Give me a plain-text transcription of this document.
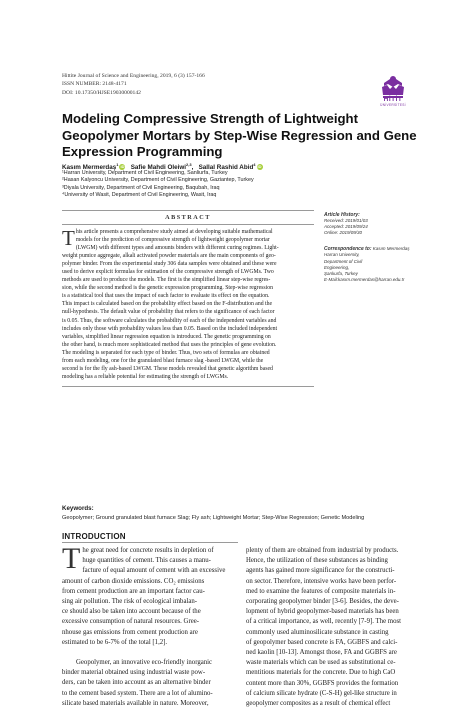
Hittite Journal of Science and Engineering, 2019, 6 (3) 157-166
ISSN NUMBER: 2148-4171
DOI: 10.17350/HJSE19030000142
HİTİT
ÜNİVERSİTESİ
Modeling Compressive Strength of Lightweight Geopolymer Mortars by Step-Wise Regression and Gene Expression Programming
Kasım Mermerdaş$^1$ iD Safie Mahdi Oleiwi$^{2,3}$,   Sallal Rashid Abid$^4$ iD
¹Harran University, Department of Civil Engineering, Sanliurfa, Turkey
²Hasan Kalyoncu University, Department of Civil Engineering, Gaziantep, Turkey
³Diyala University, Department of Civil Engineering, Baqubah, Iraq
⁴University of Wasit, Department of Civil Engineering, Wasit, Iraq
ABSTRACT
T his article presents a comprehensive study aimed at developing suitable mathematical
models for the prediction of compressive strength of lightweight geopolymer mortar
(LWGM) with different types and amounts binders with different curing regimes. Light-
weight pumice aggregate, alkali activated powder materials are the main components of geo-
polymer binder. From the experimental study 306 data samples were obtained and these were
used to derive explicit formulas for estimation of the compressive strength of LWGMs. Two
methods are used to produce the models. The first is the simplified linear step-wise regres-
sion, while the second method is the genetic expression programming. Step-wise regression
is a statistical tool that uses the impact of each factor to evaluate its effect on the equation.
This impact is calculated based on the probability effect based on the F-distribution and the
null-hypothesis. The default value of probability that refers to the significance of each factor
is 0.05. Thus, the software calculates the probability of each of the independent variables and
includes only those with probability values less than 0.05. Based on the included independent
variables, simplified linear regression equation is introduced. The genetic programming on
the other hand, is much more sophisticated method that uses the principles of gene evolution.
The modeling is separated for each type of binder. Thus, two sets of formulas are obtained
from each modeling, one for the granulated blast furnace slag -based LWGM, while the
second is for the fly ash-based LWGM. These models revealed that genetic algorithm based
modeling has a reliable potential for estimating the strength of LWGMs.
Article History:
Received: 2019/01/03
Accepted: 2019/09/24
Online: 2019/09/30
Correspondence to: Kasım Mermerdaş
Harran University,
Department of Civil
Engineering,
Şanlıurfa, Turkey
E-Mail:kasım.mermerdas@harran.edu.tr
Keywords:
Geopolymer; Ground granulated blast furnace Slag; Fly ash; Lightweight Mortar; Step-Wise Regression; Genetic Modeling
INTRODUCTION
T he great need for concrete results in depletion of
huge quantities of cement. This causes a manu-
facture of equal amount of cement with an excessive
amount of carbon dioxide emissions. CO₂ emissions
from cement production are an important factor cau-
sing air pollution. The risk of ecological imbalan-
ce should also be taken into account because of the
excessive consumption of natural resources. Gree-
nhouse gas emissions from cement production are
estimated to be 6-7% of the total [1,2].
Geopolymer, an innovative eco-friendly inorganic
binder material obtained using industrial waste pow-
ders, can be taken into account as an alternative binder
to the cement based system. There are a lot of alumino-
silicate based materials available in nature. Moreover,
plenty of them are obtained from industrial by products.
Hence, the utilization of these substances as binding
agents has gained more significance for the constructi-
on sector. Therefore, intensive works have been perfor-
med to examine the features of composite materials in-
corporating geopolymer binder [3-6]. Besides, the deve-
lopment of hybrid geopolymer-based materials has been
of a critical importance, as well, recently [7-9]. The most
commonly used aluminosilicate substance in casting
of geopolymer based concrete is FA, GGBFS and calci-
ned kaolin [10-13]. Amongst those, FA and GGBFS are
waste materials which can be used as substitutional ce-
mentitious materials for the concrete. Due to high CaO
content more than 30%, GGBFS provides the formation
of calcium silicate hydrate (C-S-H) gel-like structure in
geopolymer composites as a result of chemical effect
